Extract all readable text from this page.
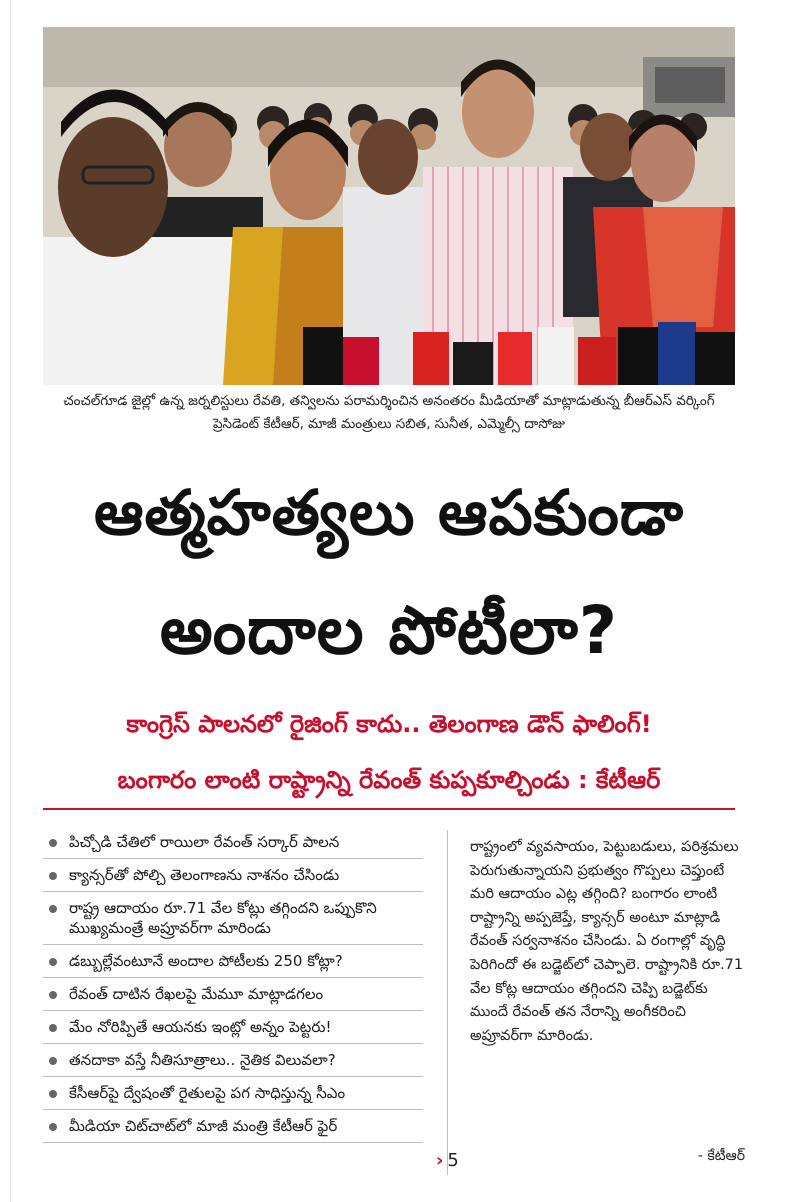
చంచల్‌గూడ జైల్లో ఉన్న జర్నలిస్టులు రేవతి, తన్విలను పరామర్శించిన అనంతరం మీడియాతో మాట్లాడుతున్న బీఆర్‌ఎస్ వర్కింగ్ ప్రెసిడెంట్ కేటీఆర్, మాజీ మంత్రులు సబిత, సునీత, ఎమ్మెల్సీ దాసోజు
ఆత్మహత్యలు ఆపకుండా
అందాల పోటీలా?
కాంగ్రెస్ పాలనలో రైజింగ్ కాదు.. తెలంగాణ డౌన్ ఫాలింగ్!
బంగారం లాంటి రాష్ట్రాన్ని రేవంత్ కుప్పకూల్చిండు : కేటీఆర్
పిచ్చోడి చేతిలో రాయిలా రేవంత్ సర్కార్ పాలన
క్యాన్సర్‌తో పోల్చి తెలంగాణను నాశనం చేసిండు
రాష్ట్ర ఆదాయం రూ.71 వేల కోట్లు తగ్గిందని ఒప్పుకొని ముఖ్యమంత్రే అప్రూవర్‌గా మారిండు
డబ్బుల్లేవంటూనే అందాల పోటీలకు 250 కోట్లా?
రేవంత్ దాటిన రేఖలపై మేమూ మాట్లాడగలం
మేం నోరిప్పితే ఆయనకు ఇంట్లో అన్నం పెట్టరు!
తనదాకా వస్తే నీతిసూత్రాలు.. నైతిక విలువలా?
కేసీఆర్‌పై ద్వేషంతో రైతులపై పగ సాధిస్తున్న సీఎం
మీడియా చిట్‌చాట్‌లో మాజీ మంత్రి కేటీఆర్ ఫైర్
రాష్ట్రంలో వ్యవసాయం, పెట్టుబడులు, పరిశ్రమలు పెరుగుతున్నాయని ప్రభుత్వం గొప్పలు చెప్తుంటే మరి ఆదాయం ఎట్ల తగ్గింది? బంగారం లాంటి రాష్ట్రాన్ని అప్పజెప్తే, క్యాన్సర్ అంటూ మాట్లాడి రేవంత్ సర్వనాశనం చేసిండు. ఏ రంగాల్లో వృద్ధి పెరిగిందో ఈ బడ్జెట్‌లో చెప్పాలె. రాష్ట్రానికి రూ.71 వేల కోట్ల ఆదాయం తగ్గిందని చెప్పి బడ్జెట్‌కు ముందే రేవంత్ తన నేరాన్ని అంగీకరించి అప్రూవర్‌గా మారిండు.
- కేటీఆర్
› 5
